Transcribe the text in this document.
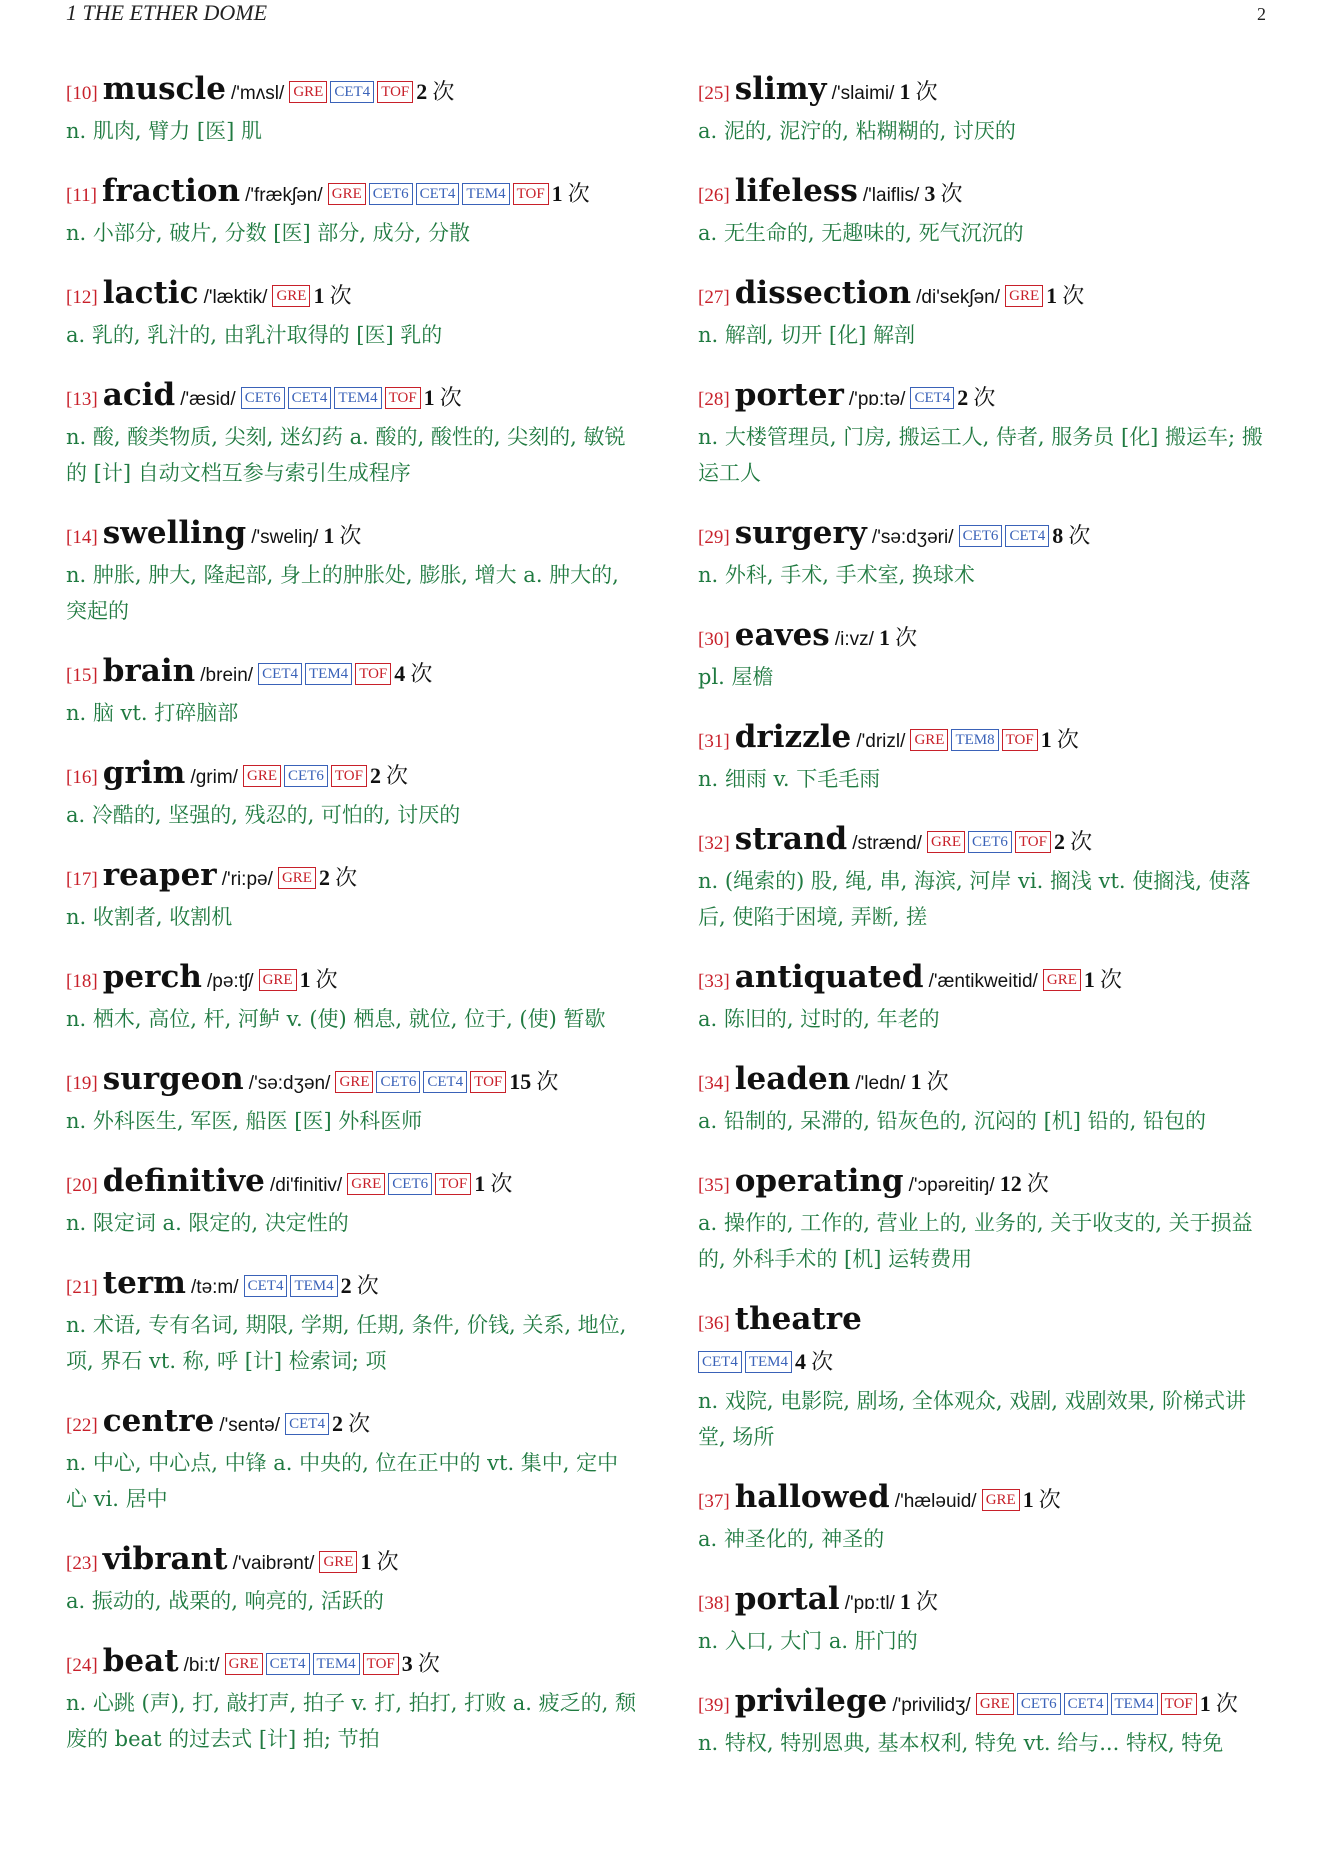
1 THE ETHER DOME	2
[10] muscle /'mʌsl/ GRE CET4 TOF 2 次
n. 肌肉, 臂力 [医] 肌
[11] fraction /'frækʃən/ GRE CET6 CET4 TEM4 TOF 1 次
n. 小部分, 破片, 分数 [医] 部分, 成分, 分散
[12] lactic /'læktik/ GRE 1 次
a. 乳的, 乳汁的, 由乳汁取得的 [医] 乳的
[13] acid /'æsid/ CET6 CET4 TEM4 TOF 1 次
n. 酸, 酸类物质, 尖刻, 迷幻药 a. 酸的, 酸性的, 尖刻的, 敏锐的 [计] 自动文档互参与索引生成程序
[14] swelling /'sweliŋ/ 1 次
n. 肿胀, 肿大, 隆起部, 身上的肿胀处, 膨胀, 增大 a. 肿大的, 突起的
[15] brain /brein/ CET4 TEM4 TOF 4 次
n. 脑 vt. 打碎脑部
[16] grim /grim/ GRE CET6 TOF 2 次
a. 冷酷的, 坚强的, 残忍的, 可怕的, 讨厌的
[17] reaper /'ri:pə/ GRE 2 次
n. 收割者, 收割机
[18] perch /pə:tʃ/ GRE 1 次
n. 栖木, 高位, 杆, 河鲈 v. (使) 栖息, 就位, 位于, (使) 暂歇
[19] surgeon /'sə:dʒən/ GRE CET6 CET4 TOF 15 次
n. 外科医生, 军医, 船医 [医] 外科医师
[20] definitive /di'finitiv/ GRE CET6 TOF 1 次
n. 限定词 a. 限定的, 决定性的
[21] term /tə:m/ CET4 TEM4 2 次
n. 术语, 专有名词, 期限, 学期, 任期, 条件, 价钱, 关系, 地位, 项, 界石 vt. 称, 呼 [计] 检索词; 项
[22] centre /'sentə/ CET4 2 次
n. 中心, 中心点, 中锋 a. 中央的, 位在正中的 vt. 集中, 定中心 vi. 居中
[23] vibrant /'vaibrənt/ GRE 1 次
a. 振动的, 战栗的, 响亮的, 活跃的
[24] beat /bi:t/ GRE CET4 TEM4 TOF 3 次
n. 心跳 (声), 打, 敲打声, 拍子 v. 打, 拍打, 打败 a. 疲乏的, 颓废的 beat 的过去式 [计] 拍; 节拍
[25] slimy /'slaimi/ 1 次
a. 泥的, 泥泞的, 粘糊糊的, 讨厌的
[26] lifeless /'laiflis/ 3 次
a. 无生命的, 无趣味的, 死气沉沉的
[27] dissection /di'sekʃən/ GRE 1 次
n. 解剖, 切开 [化] 解剖
[28] porter /'pɒ:tə/ CET4 2 次
n. 大楼管理员, 门房, 搬运工人, 侍者, 服务员 [化] 搬运车; 搬运工人
[29] surgery /'sə:dʒəri/ CET6 CET4 8 次
n. 外科, 手术, 手术室, 换球术
[30] eaves /i:vz/ 1 次
pl. 屋檐
[31] drizzle /'drizl/ GRE TEM8 TOF 1 次
n. 细雨 v. 下毛毛雨
[32] strand /strænd/ GRE CET6 TOF 2 次
n. (绳索的) 股, 绳, 串, 海滨, 河岸 vi. 搁浅 vt. 使搁浅, 使落后, 使陷于困境, 弄断, 搓
[33] antiquated /'æntikweitid/ GRE 1 次
a. 陈旧的, 过时的, 年老的
[34] leaden /'ledn/ 1 次
a. 铅制的, 呆滞的, 铅灰色的, 沉闷的 [机] 铅的, 铅包的
[35] operating /'ɔpəreitiŋ/ 12 次
a. 操作的, 工作的, 营业上的, 业务的, 关于收支的, 关于损益的, 外科手术的 [机] 运转费用
[36] theatre
CET4 TEM4 4 次
n. 戏院, 电影院, 剧场, 全体观众, 戏剧, 戏剧效果, 阶梯式讲堂, 场所
[37] hallowed /'hæləuid/ GRE 1 次
a. 神圣化的, 神圣的
[38] portal /'pɒ:tl/ 1 次
n. 入口, 大门 a. 肝门的
[39] privilege /'privilidʒ/ GRE CET6 CET4 TEM4 TOF 1 次
n. 特权, 特别恩典, 基本权利, 特免 vt. 给与... 特权, 特免
